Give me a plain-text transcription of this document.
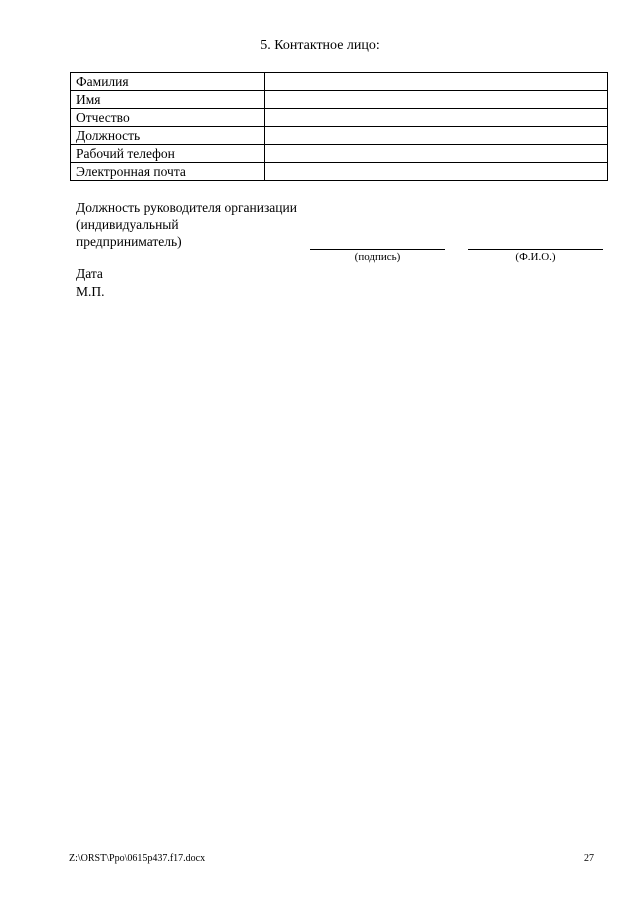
5. Контактное лицо:
Фамилия	
Имя	
Отчество	
Должность	
Рабочий телефон	
Электронная почта	
Должность руководителя организации
(индивидуальный
предприниматель)
(подпись)	(Ф.И.О.)
Дата
М.П.
Z:\ORST\Ppo\0615p437.f17.docx	27
